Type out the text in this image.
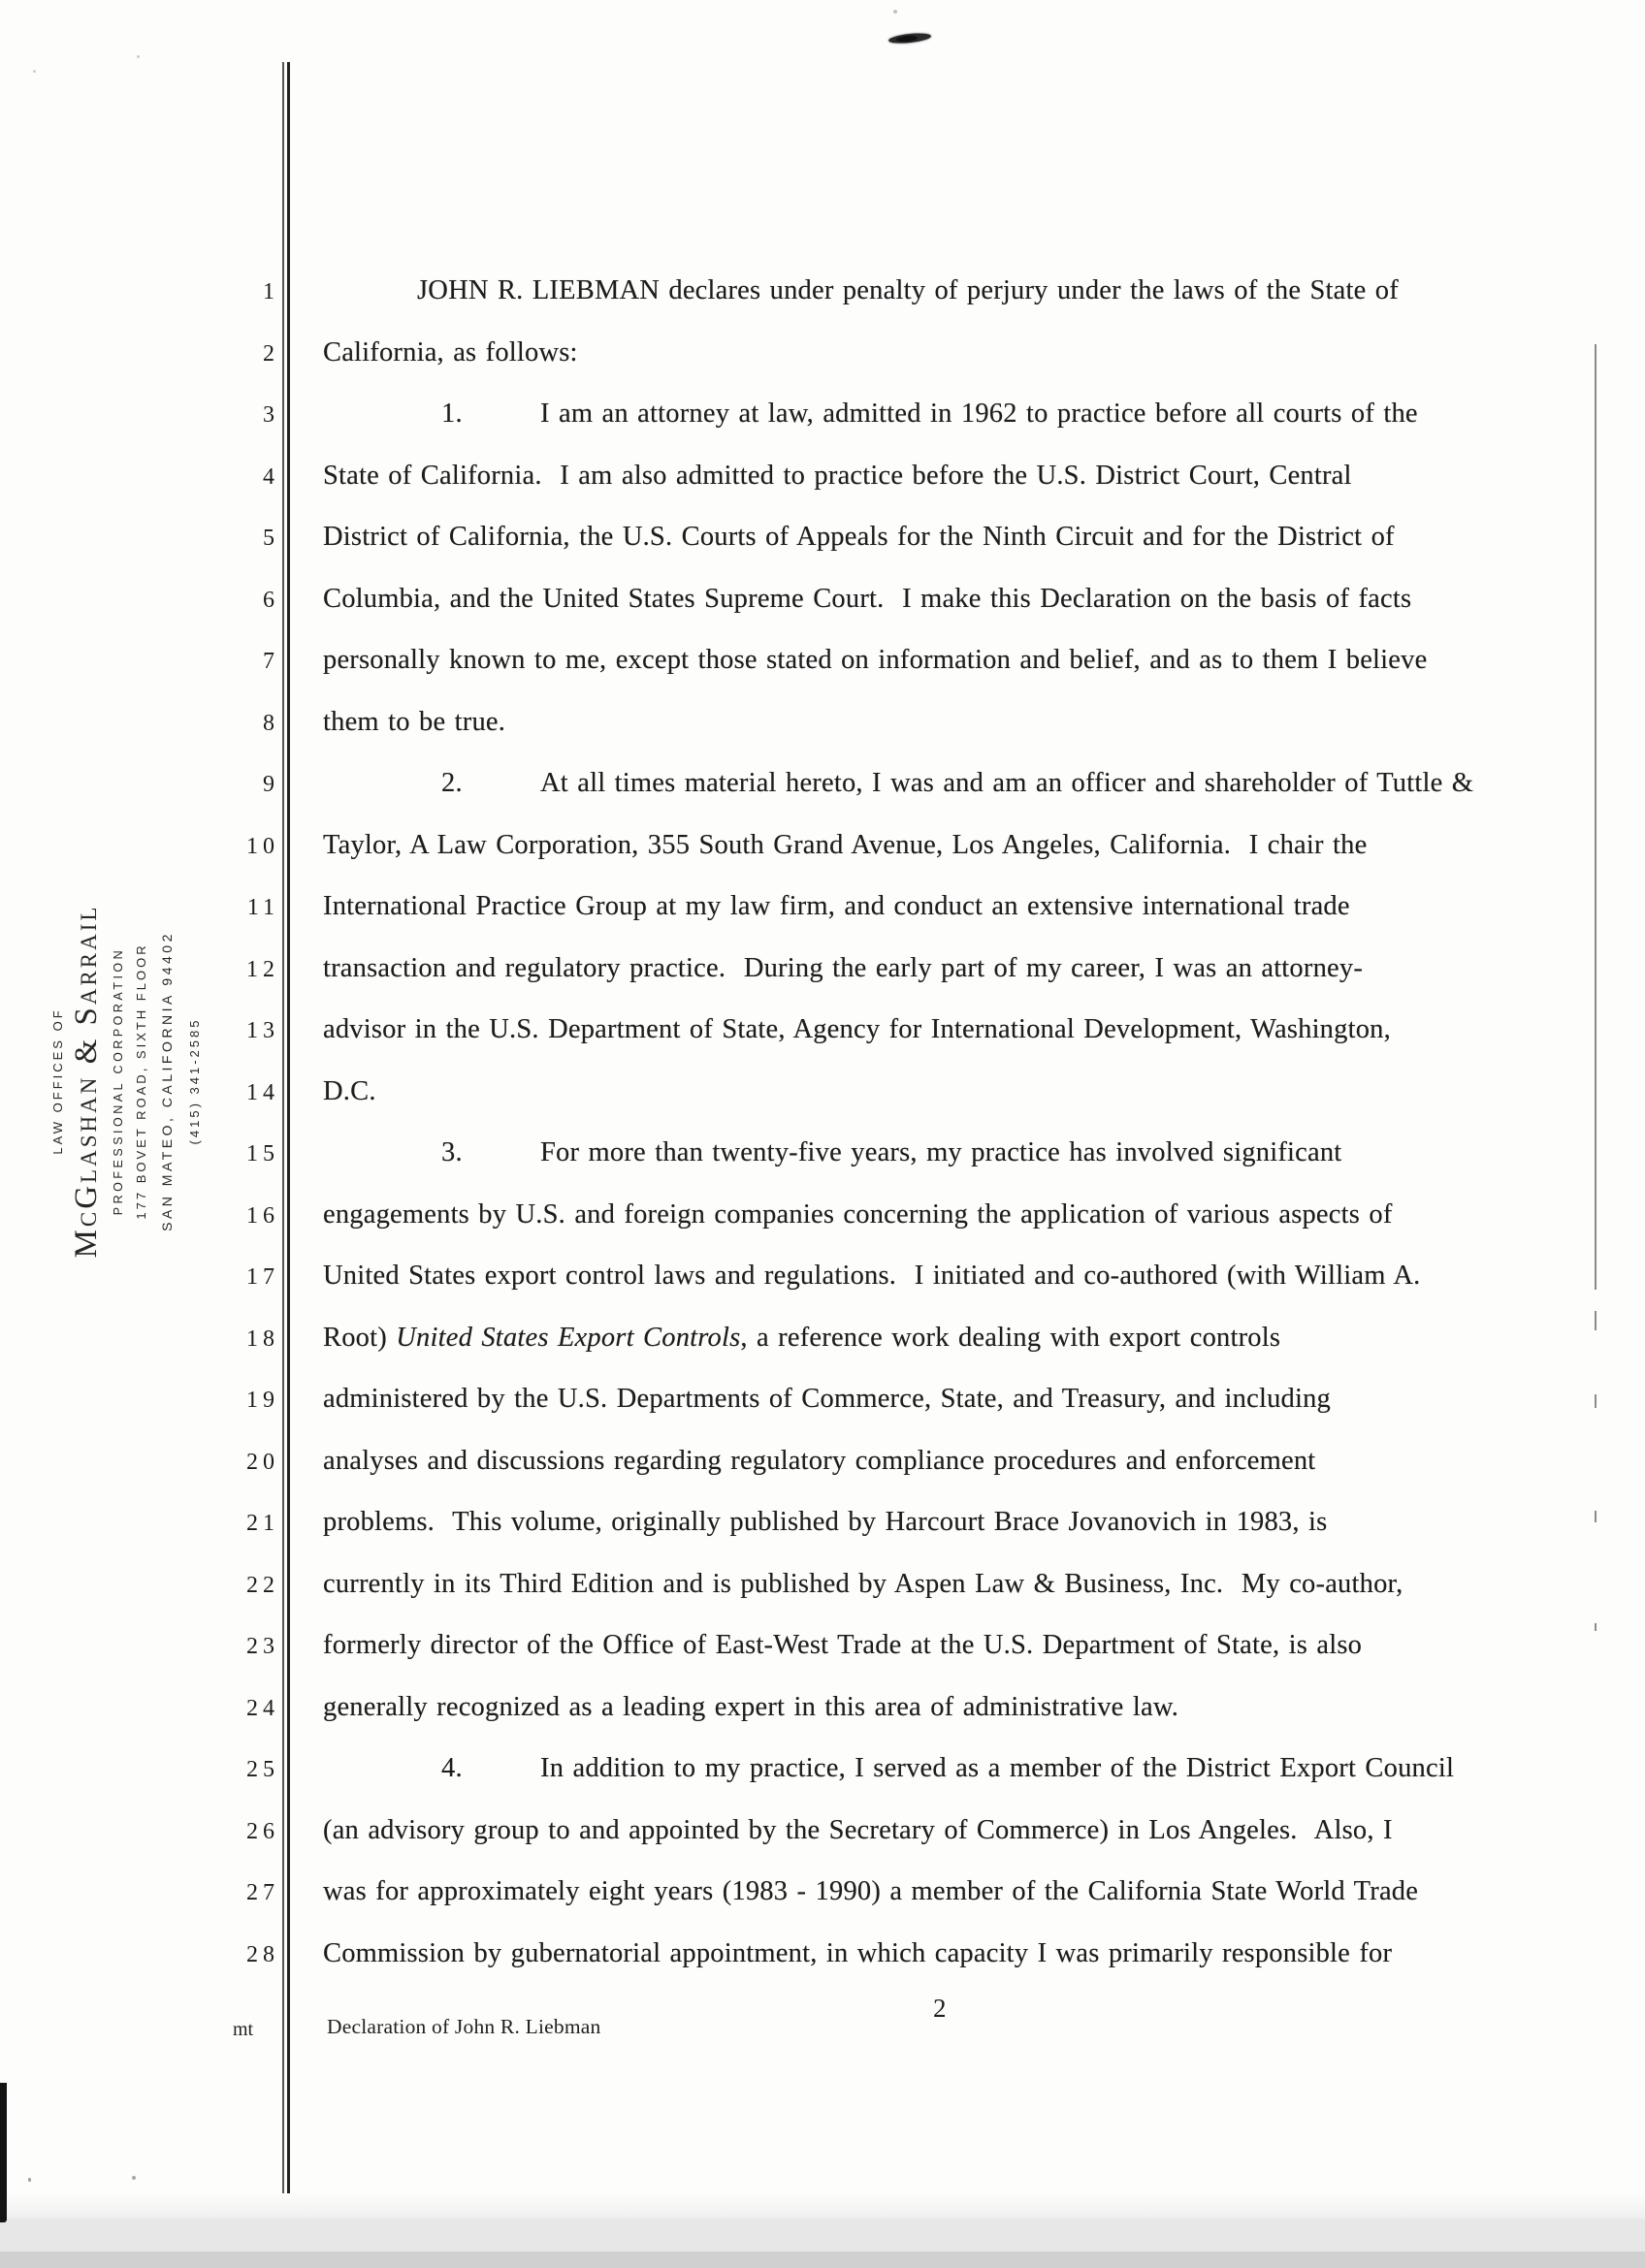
LAW OFFICES OF McGlashan & Sarrail PROFESSIONAL CORPORATION 177 BOVET ROAD, SIXTH FLOOR SAN MATEO, CALIFORNIA 94402	(415) 341-2585
1
2
3
4
5
6
7
8
9
10
11
12
13
14
15
16
17
18
19
20
21
22
23
24
25
26
27
28
JOHN R. LIEBMAN declares under penalty of perjury under the laws of the State of
California, as follows:
1.	I am an attorney at law, admitted in 1962 to practice before all courts of the
State of California.  I am also admitted to practice before the U.S. District Court, Central
District of California, the U.S. Courts of Appeals for the Ninth Circuit and for the District of
Columbia, and the United States Supreme Court.  I make this Declaration on the basis of facts
personally known to me, except those stated on information and belief, and as to them I believe
them to be true.
2.	At all times material hereto, I was and am an officer and shareholder of Tuttle &
Taylor, A Law Corporation, 355 South Grand Avenue, Los Angeles, California.  I chair the
International Practice Group at my law firm, and conduct an extensive international trade
transaction and regulatory practice.  During the early part of my career, I was an attorney-
advisor in the U.S. Department of State, Agency for International Development, Washington,
D.C.
3.	For more than twenty-five years, my practice has involved significant
engagements by U.S. and foreign companies concerning the application of various aspects of
United States export control laws and regulations.  I initiated and co-authored (with William A.
Root) United States Export Controls, a reference work dealing with export controls
administered by the U.S. Departments of Commerce, State, and Treasury, and including
analyses and discussions regarding regulatory compliance procedures and enforcement
problems.  This volume, originally published by Harcourt Brace Jovanovich in 1983, is
currently in its Third Edition and is published by Aspen Law & Business, Inc.  My co-author,
formerly director of the Office of East-West Trade at the U.S. Department of State, is also
generally recognized as a leading expert in this area of administrative law.
4.	In addition to my practice, I served as a member of the District Export Council
(an advisory group to and appointed by the Secretary of Commerce) in Los Angeles.  Also, I
was for approximately eight years (1983 - 1990) a member of the California State World Trade
Commission by gubernatorial appointment, in which capacity I was primarily responsible for
mt	Declaration of John R. Liebman
2
